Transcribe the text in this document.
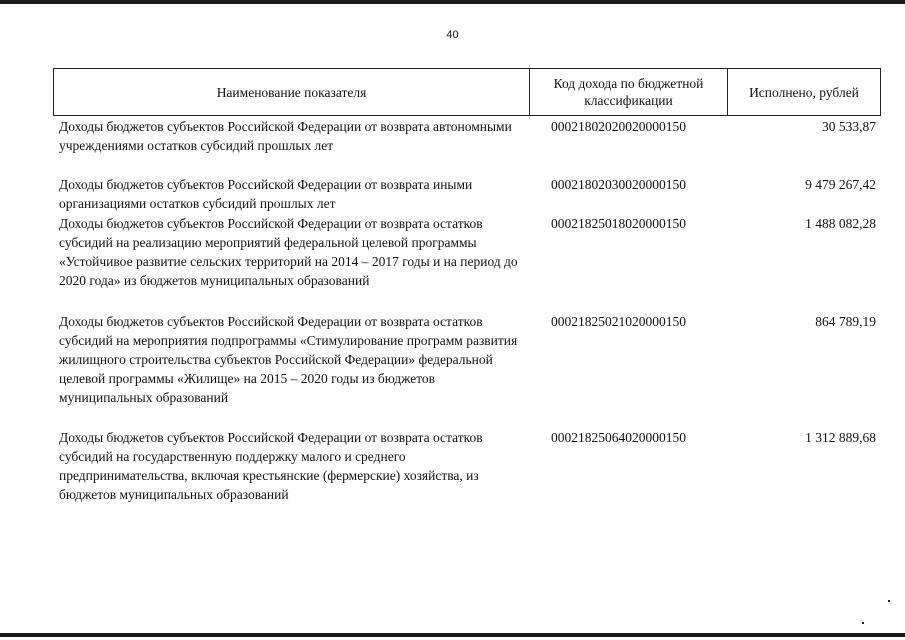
40
Наименование показателя	Код дохода по бюджетной классификации	Исполнено, рублей
Доходы бюджетов субъектов Российской Федерации от возврата автономными учреждениями остатков субсидий прошлых лет
00021802020020000150	30 533,87
Доходы бюджетов субъектов Российской Федерации от возврата иными организациями остатков субсидий прошлых лет
00021802030020000150	9 479 267,42
Доходы бюджетов субъектов Российской Федерации от возврата остатков субсидий на реализацию мероприятий федеральной целевой программы «Устойчивое развитие сельских территорий на 2014 – 2017 годы и на период до 2020 года» из бюджетов муниципальных образований
00021825018020000150	1 488 082,28
Доходы бюджетов субъектов Российской Федерации от возврата остатков субсидий на мероприятия подпрограммы «Стимулирование программ развития жилищного строительства субъектов Российской Федерации» федеральной целевой программы «Жилище» на 2015 – 2020 годы из бюджетов муниципальных образований
00021825021020000150	864 789,19
Доходы бюджетов субъектов Российской Федерации от возврата остатков субсидий на государственную поддержку малого и среднего предпринимательства, включая крестьянские (фермерские) хозяйства, из бюджетов муниципальных образований
00021825064020000150	1 312 889,68
